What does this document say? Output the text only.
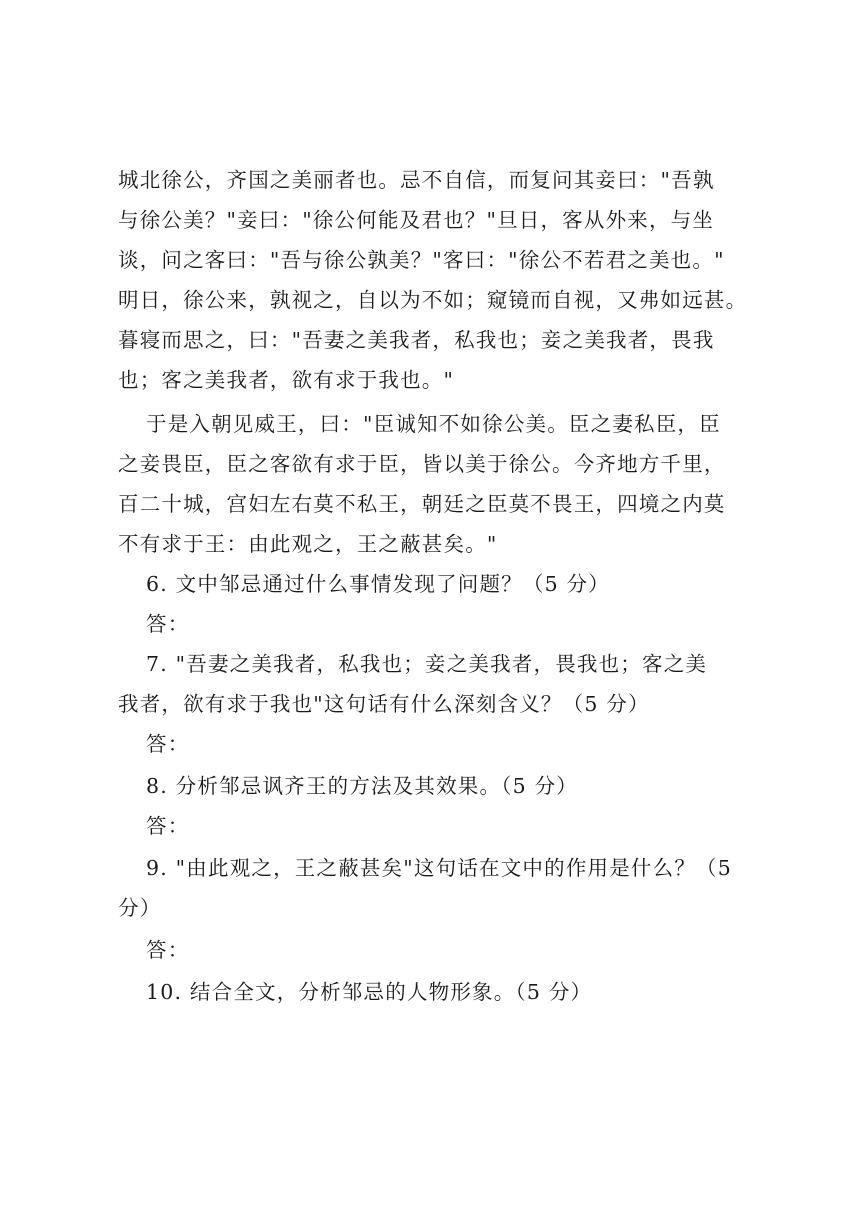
城北徐公，齐国之美丽者也。忌不自信，而复问其妾曰："吾孰
与徐公美？"妾曰："徐公何能及君也？"旦日，客从外来，与坐
谈，问之客曰："吾与徐公孰美？"客曰："徐公不若君之美也。"
明日，徐公来，孰视之，自以为不如；窥镜而自视，又弗如远甚。
暮寝而思之，曰："吾妻之美我者，私我也；妾之美我者，畏我
也；客之美我者，欲有求于我也。"
于是入朝见威王，曰："臣诚知不如徐公美。臣之妻私臣，臣
之妾畏臣，臣之客欲有求于臣，皆以美于徐公。今齐地方千里，
百二十城，宫妇左右莫不私王，朝廷之臣莫不畏王，四境之内莫
不有求于王：由此观之，王之蔽甚矣。"
6. 文中邹忌通过什么事情发现了问题？（5 分）
答：
7. "吾妻之美我者，私我也；妾之美我者，畏我也；客之美
我者，欲有求于我也"这句话有什么深刻含义？（5 分）
答：
8. 分析邹忌讽齐王的方法及其效果。（5 分）
答：
9. "由此观之，王之蔽甚矣"这句话在文中的作用是什么？（5
分）
答：
10. 结合全文，分析邹忌的人物形象。（5 分）
